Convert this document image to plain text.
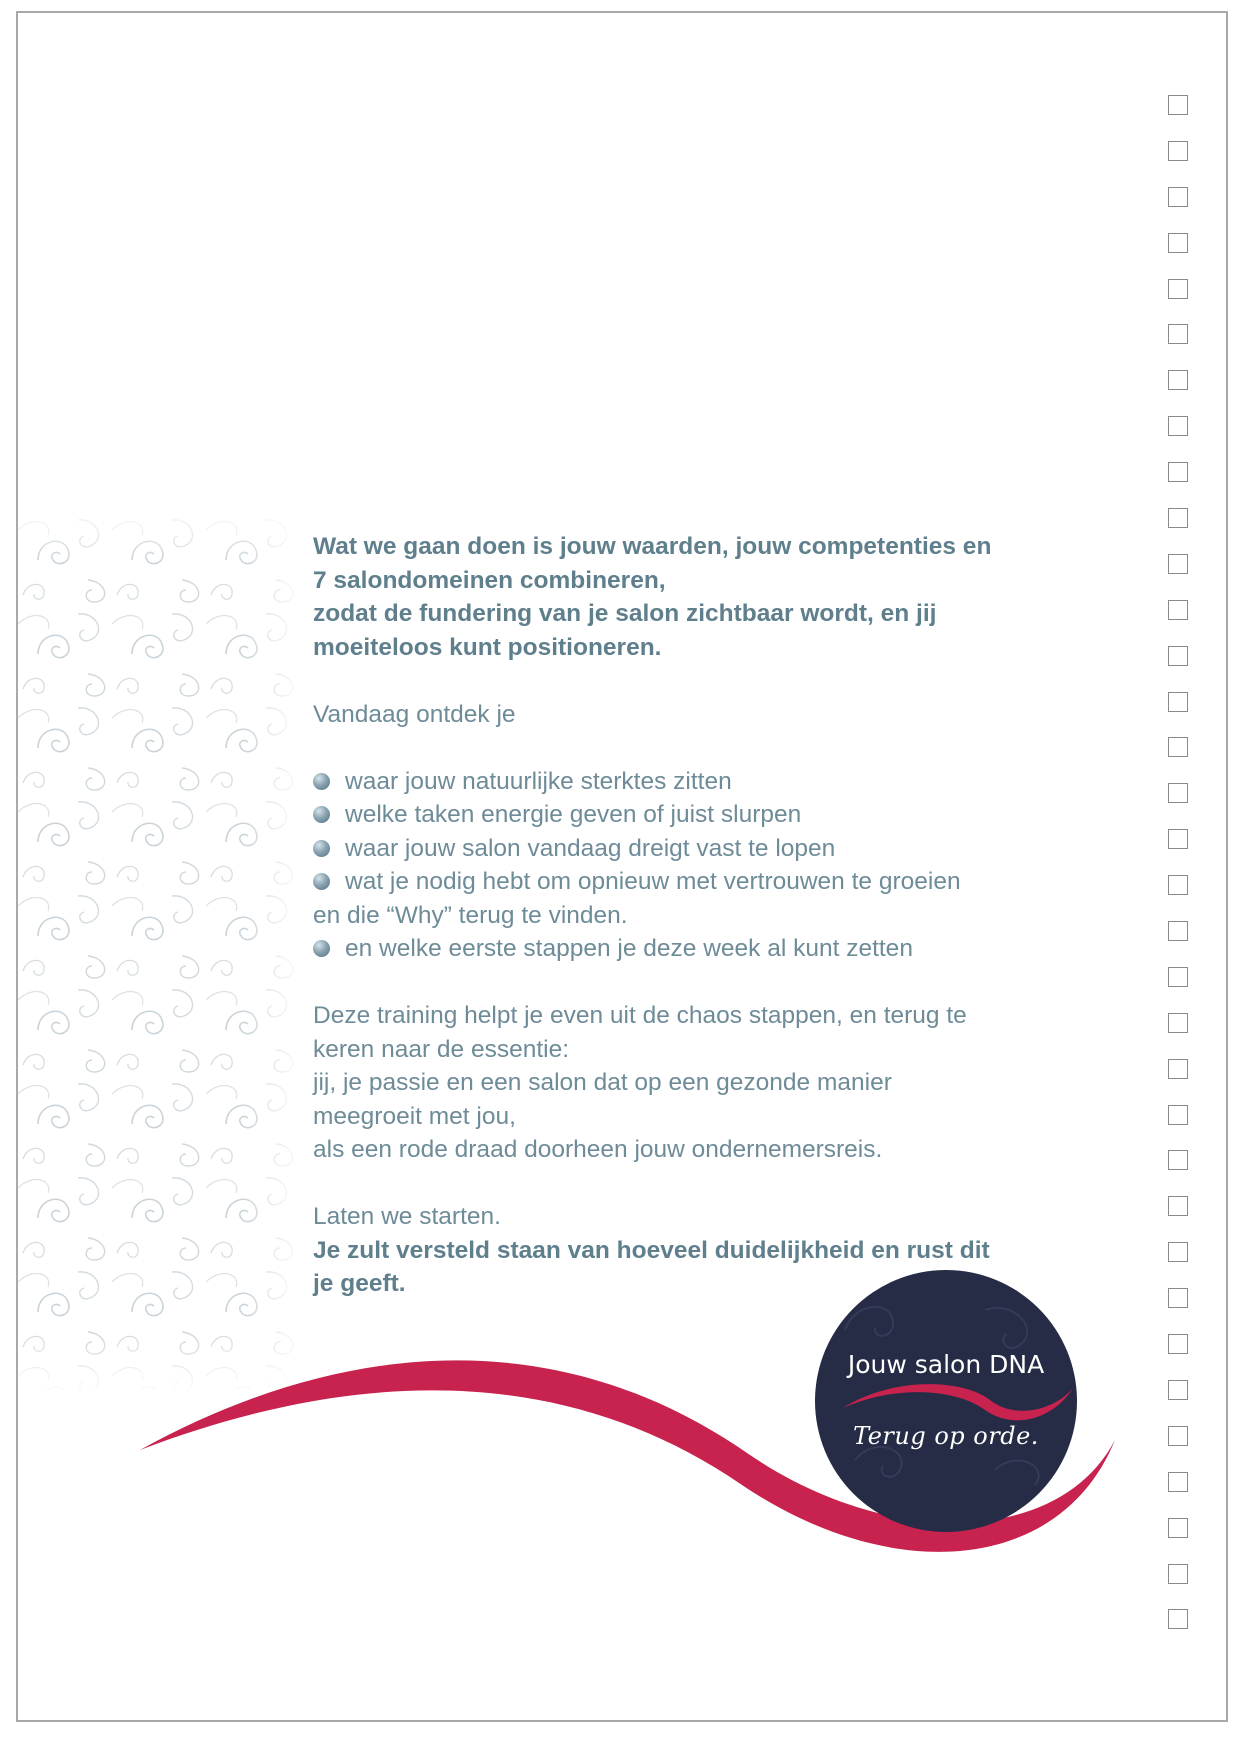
Wat we gaan doen is jouw waarden, jouw competenties en

7 salondomeinen combineren,

zodat de fundering van je salon zichtbaar wordt, en jij

moeiteloos kunt positioneren.

Vandaag ontdek je

waar jouw natuurlijke sterktes zitten
welke taken energie geven of juist slurpen
waar jouw salon vandaag dreigt vast te lopen
wat je nodig hebt om opnieuw met vertrouwen te groeien
en die “Why” terug te vinden.
en welke eerste stappen je deze week al kunt zetten

Deze training helpt je even uit de chaos stappen, en terug te

keren naar de essentie:

jij, je passie en een salon dat op een gezonde manier

meegroeit met jou,

als een rode draad doorheen jouw ondernemersreis.

Laten we starten.

Je zult versteld staan van hoeveel duidelijkheid en rust dit

je geeft.

Jouw salon DNA
Terug op orde.
